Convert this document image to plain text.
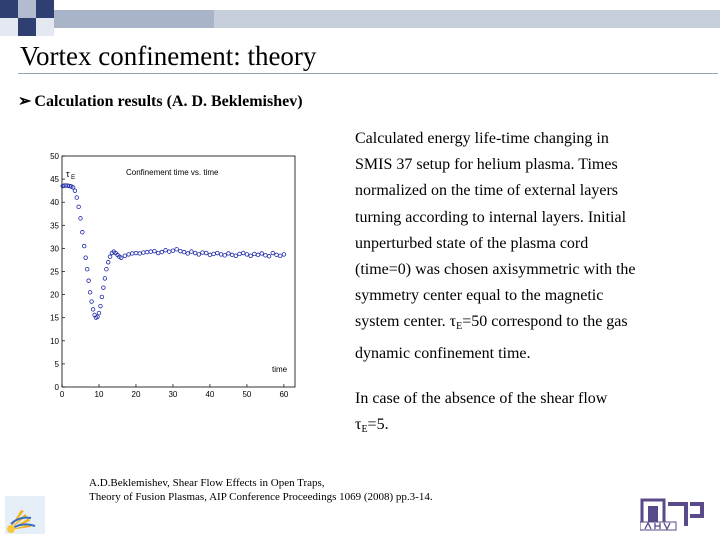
Vortex confinement: theory
➢ Calculation results (A. D. Beklemishev)
0
5
10
15
20
25
30
35
40
45
50
0	10	20	30	40	50	60
Confinement time vs. time
τ E
time
Calculated energy life-time changing in
SMIS 37 setup for helium plasma. Times
normalized on the time of external layers
turning according to internal layers. Initial
unperturbed state of the plasma cord
(time=0) was chosen axisymmetric with the
symmetry center equal to the magnetic
system center. $\tau_E=50$ correspond to the gas
dynamic confinement time.
In case of the absence of the shear flow
$\tau_E=5$.
A.D.Beklemishev, Shear Flow Effects in Open Traps,
Theory of Fusion Plasmas, AIP Conference Proceedings 1069 (2008) pp.3-14.
